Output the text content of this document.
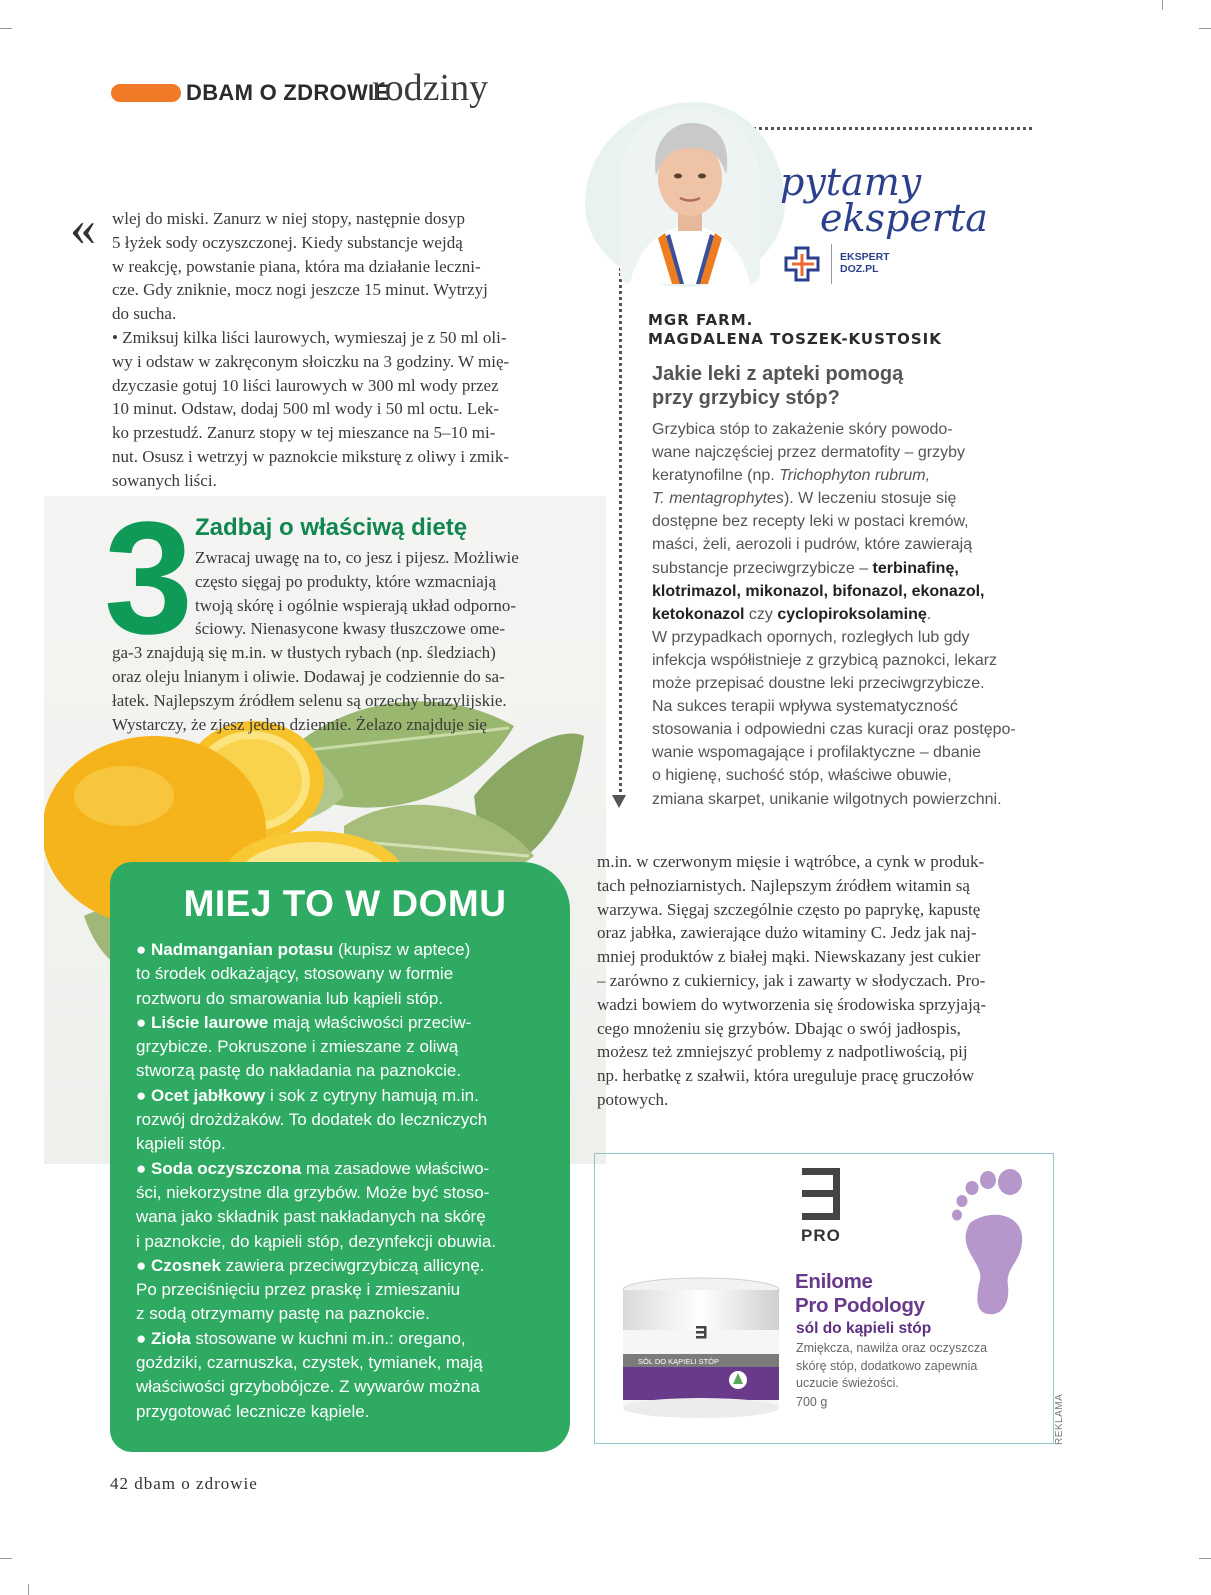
DBAM O ZDROWIE
rodziny
« wlej do miski. Zanurz w niej stopy, następnie dosyp

5 łyżek sody oczyszczonej. Kiedy substancje wejdą

w reakcję, powstanie piana, która ma działanie leczni-

cze. Gdy zniknie, mocz nogi jeszcze 15 minut. Wytrzyj

do sucha.

• Zmiksuj kilka liści laurowych, wymieszaj je z 50 ml oli-

wy i odstaw w zakręconym słoiczku na 3 godziny. W mię-

dzyczasie gotuj 10 liści laurowych w 300 ml wody przez

10 minut. Odstaw, dodaj 500 ml wody i 50 ml octu. Lek-

ko przestudź. Zanurz stopy w tej mieszance na 5–10 mi-

nut. Osusz i wetrzyj w paznokcie miksturę z oliwy i zmik-

sowanych liści.

3 Zadbaj o właściwą dietę

Zwracaj uwagę na to, co jesz i pijesz. Możliwie

często sięgaj po produkty, które wzmacniają

twoją skórę i ogólnie wspierają układ odporno-

ściowy. Nienasycone kwasy tłuszczowe ome-

ga-3 znajdują się m.in. w tłustych rybach (np. śledziach)

oraz oleju lnianym i oliwie. Dodawaj je codziennie do sa-

łatek. Najlepszym źródłem selenu są orzechy brazylijskie.

Wystarczy, że zjesz jeden dziennie. Żelazo znajduje się

MIEJ TO W DOMU

● Nadmanganian potasu (kupisz w aptece)

to środek odkażający, stosowany w formie

roztworu do smarowania lub kąpieli stóp.

● Liście laurowe mają właściwości przeciw-

grzybicze. Pokruszone i zmieszane z oliwą

stworzą pastę do nakładania na paznokcie.

● Ocet jabłkowy i sok z cytryny hamują m.in.

rozwój drożdżaków. To dodatek do leczniczych

kąpieli stóp.

● Soda oczyszczona ma zasadowe właściwo-

ści, niekorzystne dla grzybów. Może być stoso-

wana jako składnik past nakładanych na skórę

i paznokcie, do kąpieli stóp, dezynfekcji obuwia.

● Czosnek zawiera przeciwgrzybiczą allicynę.

Po przeciśnięciu przez praskę i zmieszaniu

z sodą otrzymamy pastę na paznokcie.

● Zioła stosowane w kuchni m.in.: oregano,

goździki, czarnuszka, czystek, tymianek, mają

właściwości grzybobójcze. Z wywarów można

przygotować lecznicze kąpiele.

pytamy
eksperta
EKSPERT
DOZ.PL
MGR FARM.
MAGDALENA TOSZEK-KUSTOSIK
Jakie leki z apteki pomogą
przy grzybicy stóp?

Grzybica stóp to zakażenie skóry powodo-

wane najczęściej przez dermatofity – grzyby

keratynofilne (np. Trichophyton rubrum,

T. mentagrophytes). W leczeniu stosuje się

dostępne bez recepty leki w postaci kremów,

maści, żeli, aerozoli i pudrów, które zawierają

substancje przeciwgrzybicze – terbinafinę,

klotrimazol, mikonazol, bifonazol, ekonazol,

ketokonazol czy cyclopiroksolaminę.

W przypadkach opornych, rozległych lub gdy

infekcja współistnieje z grzybicą paznokci, lekarz

może przepisać doustne leki przeciwgrzybicze.

Na sukces terapii wpływa systematyczność

stosowania i odpowiedni czas kuracji oraz postępo-

wanie wspomagające i profilaktyczne – dbanie

o higienę, suchość stóp, właściwe obuwie,

zmiana skarpet, unikanie wilgotnych powierzchni.

m.in. w czerwonym mięsie i wątróbce, a cynk w produk-

tach pełnoziarnistych. Najlepszym źródłem witamin są

warzywa. Sięgaj szczególnie często po paprykę, kapustę

oraz jabłka, zawierające dużo witaminy C. Jedz jak naj-

mniej produktów z białej mąki. Niewskazany jest cukier

– zarówno z cukiernicy, jak i zawarty w słodyczach. Pro-

wadzi bowiem do wytworzenia się środowiska sprzyjają-

cego mnożeniu się grzybów. Dbając o swój jadłospis,

możesz też zmniejszyć problemy z nadpotliwością, pij

np. herbatkę z szałwii, która ureguluje pracę gruczołów

potowych.

PRO
Enilome
Pro Podology
sól do kąpieli stóp

Zmiękcza, nawilża oraz oczyszcza

skórę stóp, dodatkowo zapewnia

uczucie świeżości.

700 g
SÓL DO KĄPIELI STÓP
REKLAMA
42 dbam o zdrowie
